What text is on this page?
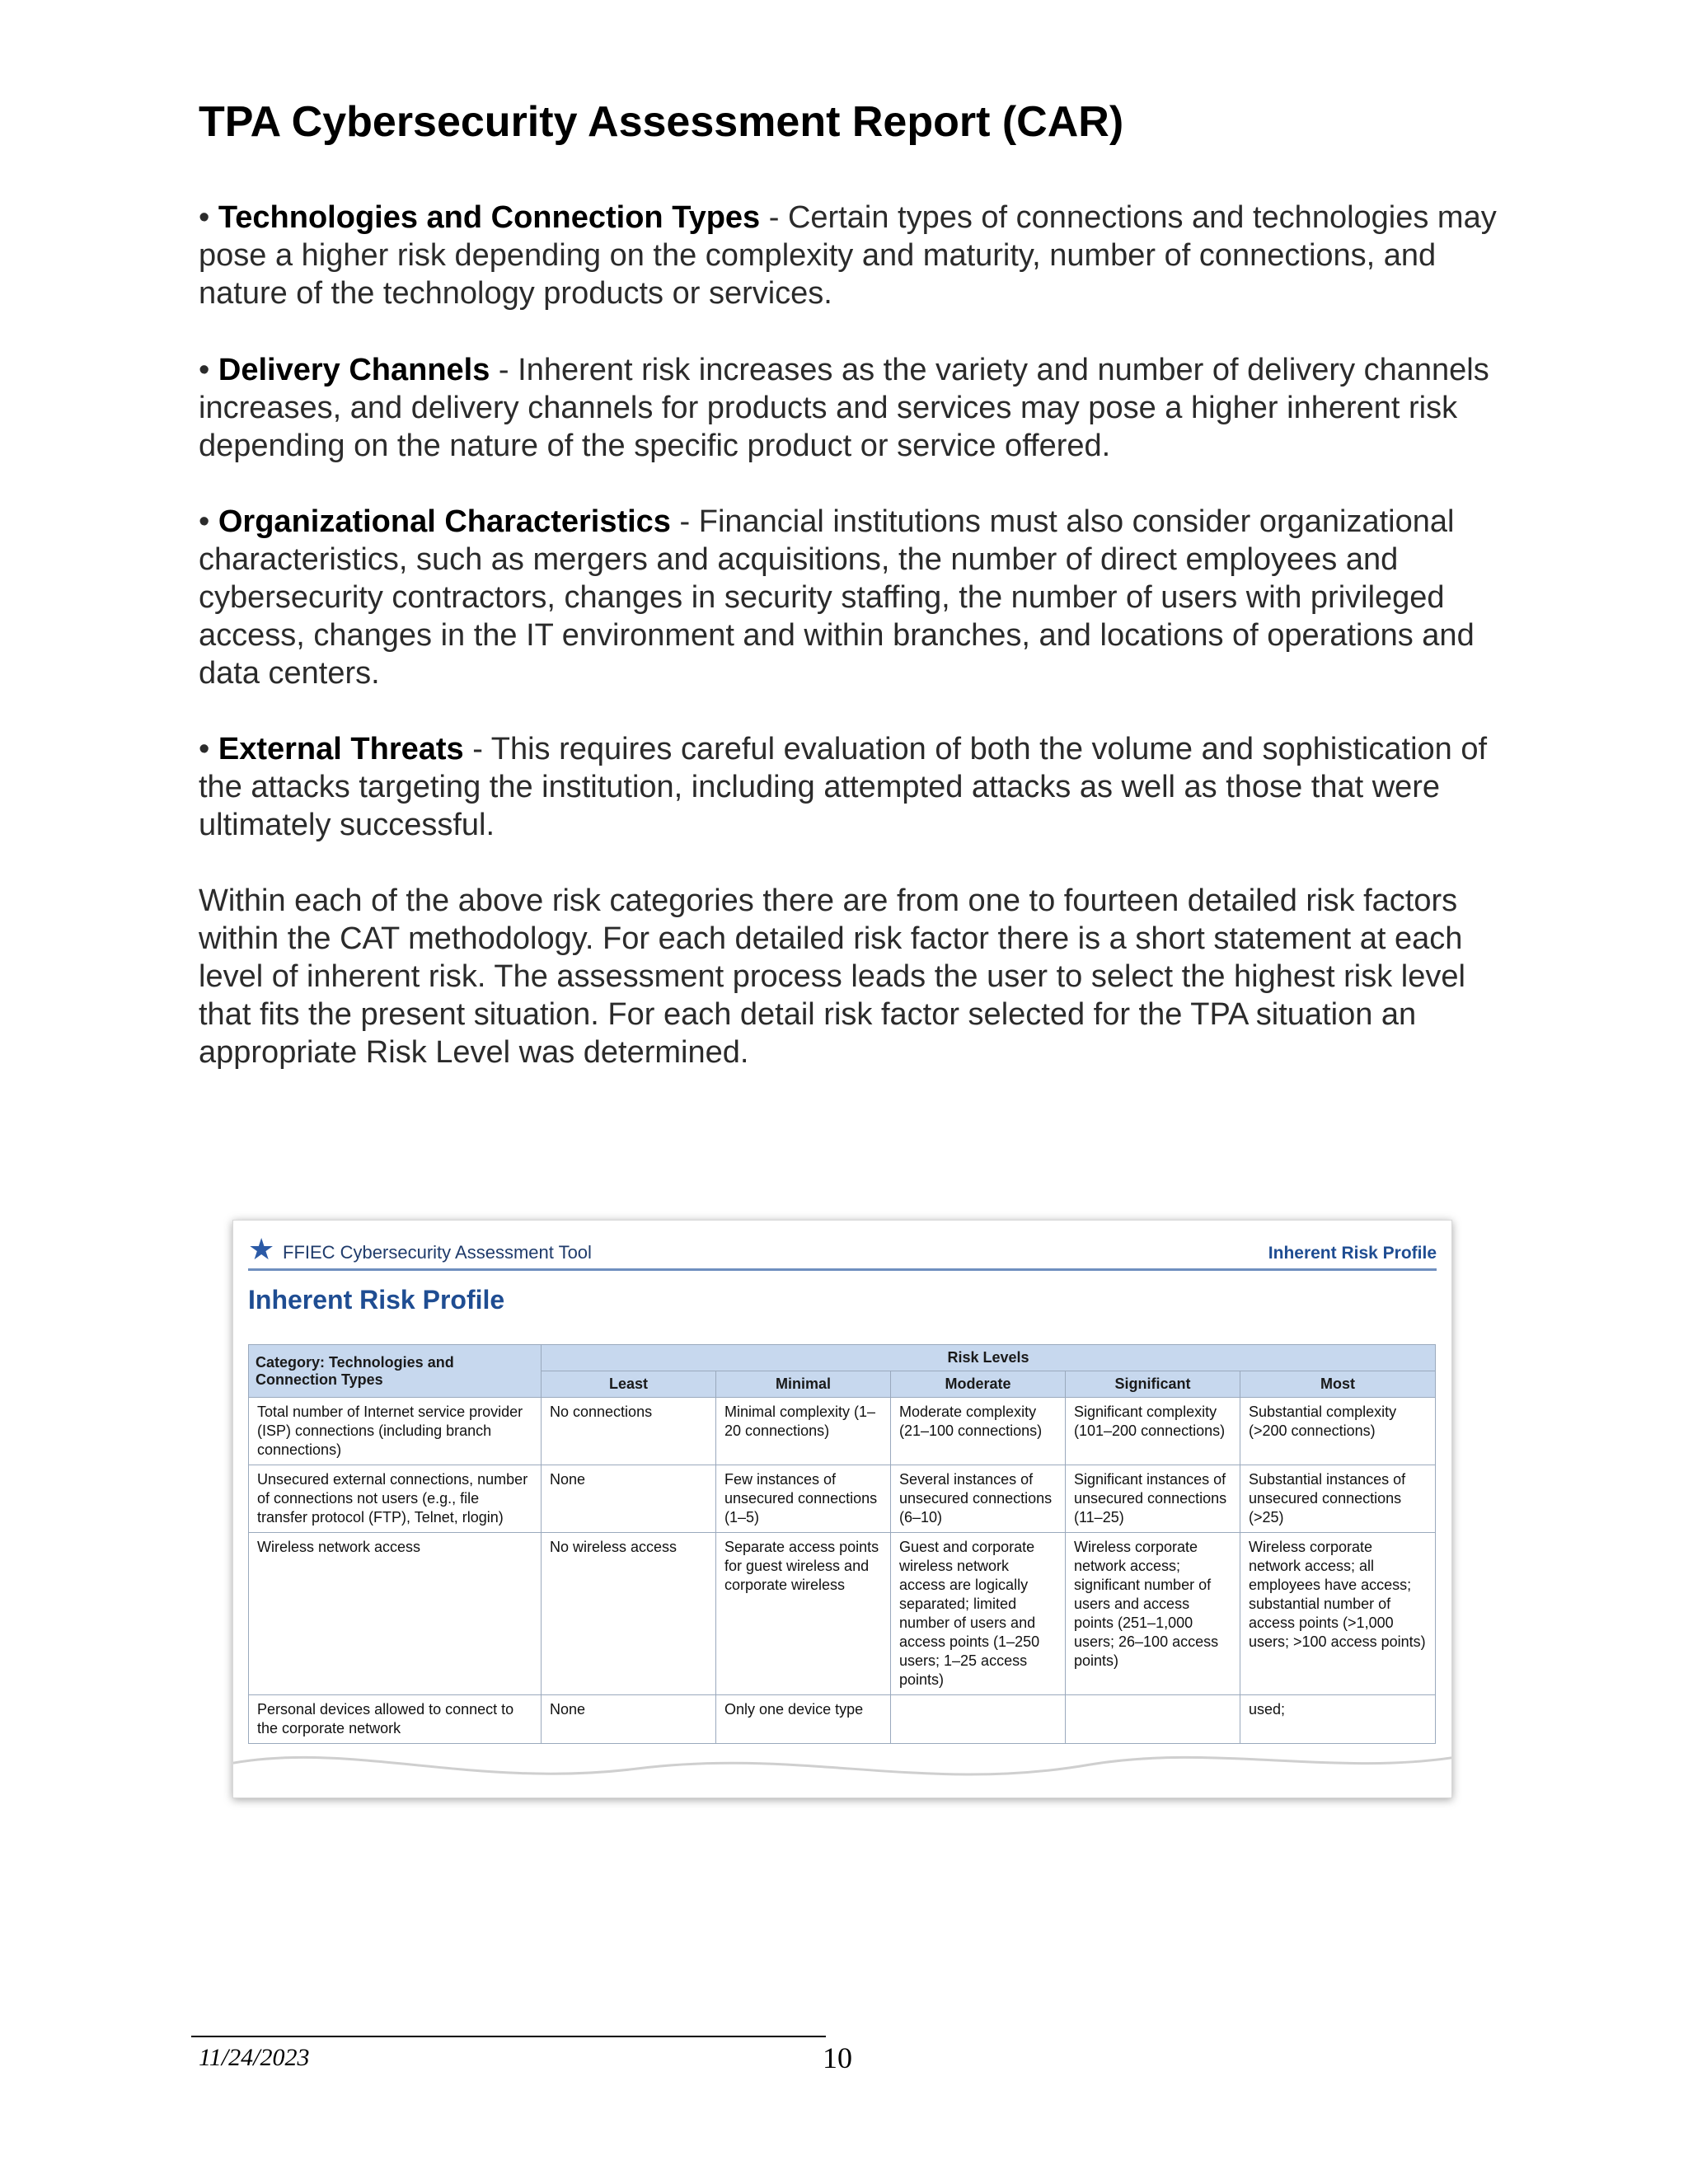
TPA Cybersecurity Assessment Report (CAR)

• Technologies and Connection Types - Certain types of connections and technologies may pose a higher risk depending on the complexity and maturity, number of connections, and nature of the technology products or services.

• Delivery Channels - Inherent risk increases as the variety and number of delivery channels increases, and delivery channels for products and services may pose a higher inherent risk depending on the nature of the specific product or service offered.

• Organizational Characteristics - Financial institutions must also consider organizational characteristics, such as mergers and acquisitions, the number of direct employees and cybersecurity contractors, changes in security staffing, the number of users with privileged access, changes in the IT environment and within branches, and locations of operations and data centers.

• External Threats - This requires careful evaluation of both the volume and sophistication of the attacks targeting the institution, including attempted attacks as well as those that were ultimately successful.

Within each of the above risk categories there are from one to fourteen detailed risk factors within the CAT methodology. For each detailed risk factor there is a short statement at each level of inherent risk. The assessment process leads the user to select the highest risk level that fits the present situation. For each detail risk factor selected for the TPA situation an appropriate Risk Level was determined.

★ FFIEC Cybersecurity Assessment Tool	Inherent Risk Profile
Inherent Risk Profile
Category: Technologies and Connection Types	Risk Levels				
	Least	Minimal	Moderate	Significant	Most
Total number of Internet service provider (ISP) connections (including branch connections)	No connections	Minimal complexity (1–20 connections)	Moderate complexity (21–100 connections)	Significant complexity (101–200 connections)	Substantial complexity (>200 connections)
Unsecured external connections, number of connections not users (e.g., file transfer protocol (FTP), Telnet, rlogin)	None	Few instances of unsecured connections (1–5)	Several instances of unsecured connections (6–10)	Significant instances of unsecured connections (11–25)	Substantial instances of unsecured connections (>25)
Wireless network access	No wireless access	Separate access points for guest wireless and corporate wireless	Guest and corporate wireless network access are logically separated; limited number of users and access points (1–250 users; 1–25 access points)	Wireless corporate network access; significant number of users and access points (251–1,000 users; 26–100 access points)	Wireless corporate network access; all employees have access; substantial number of access points (>1,000 users; >100 access points)
Personal devices allowed to connect to the corporate network	None	Only one device type			used;
11/24/2023	10
